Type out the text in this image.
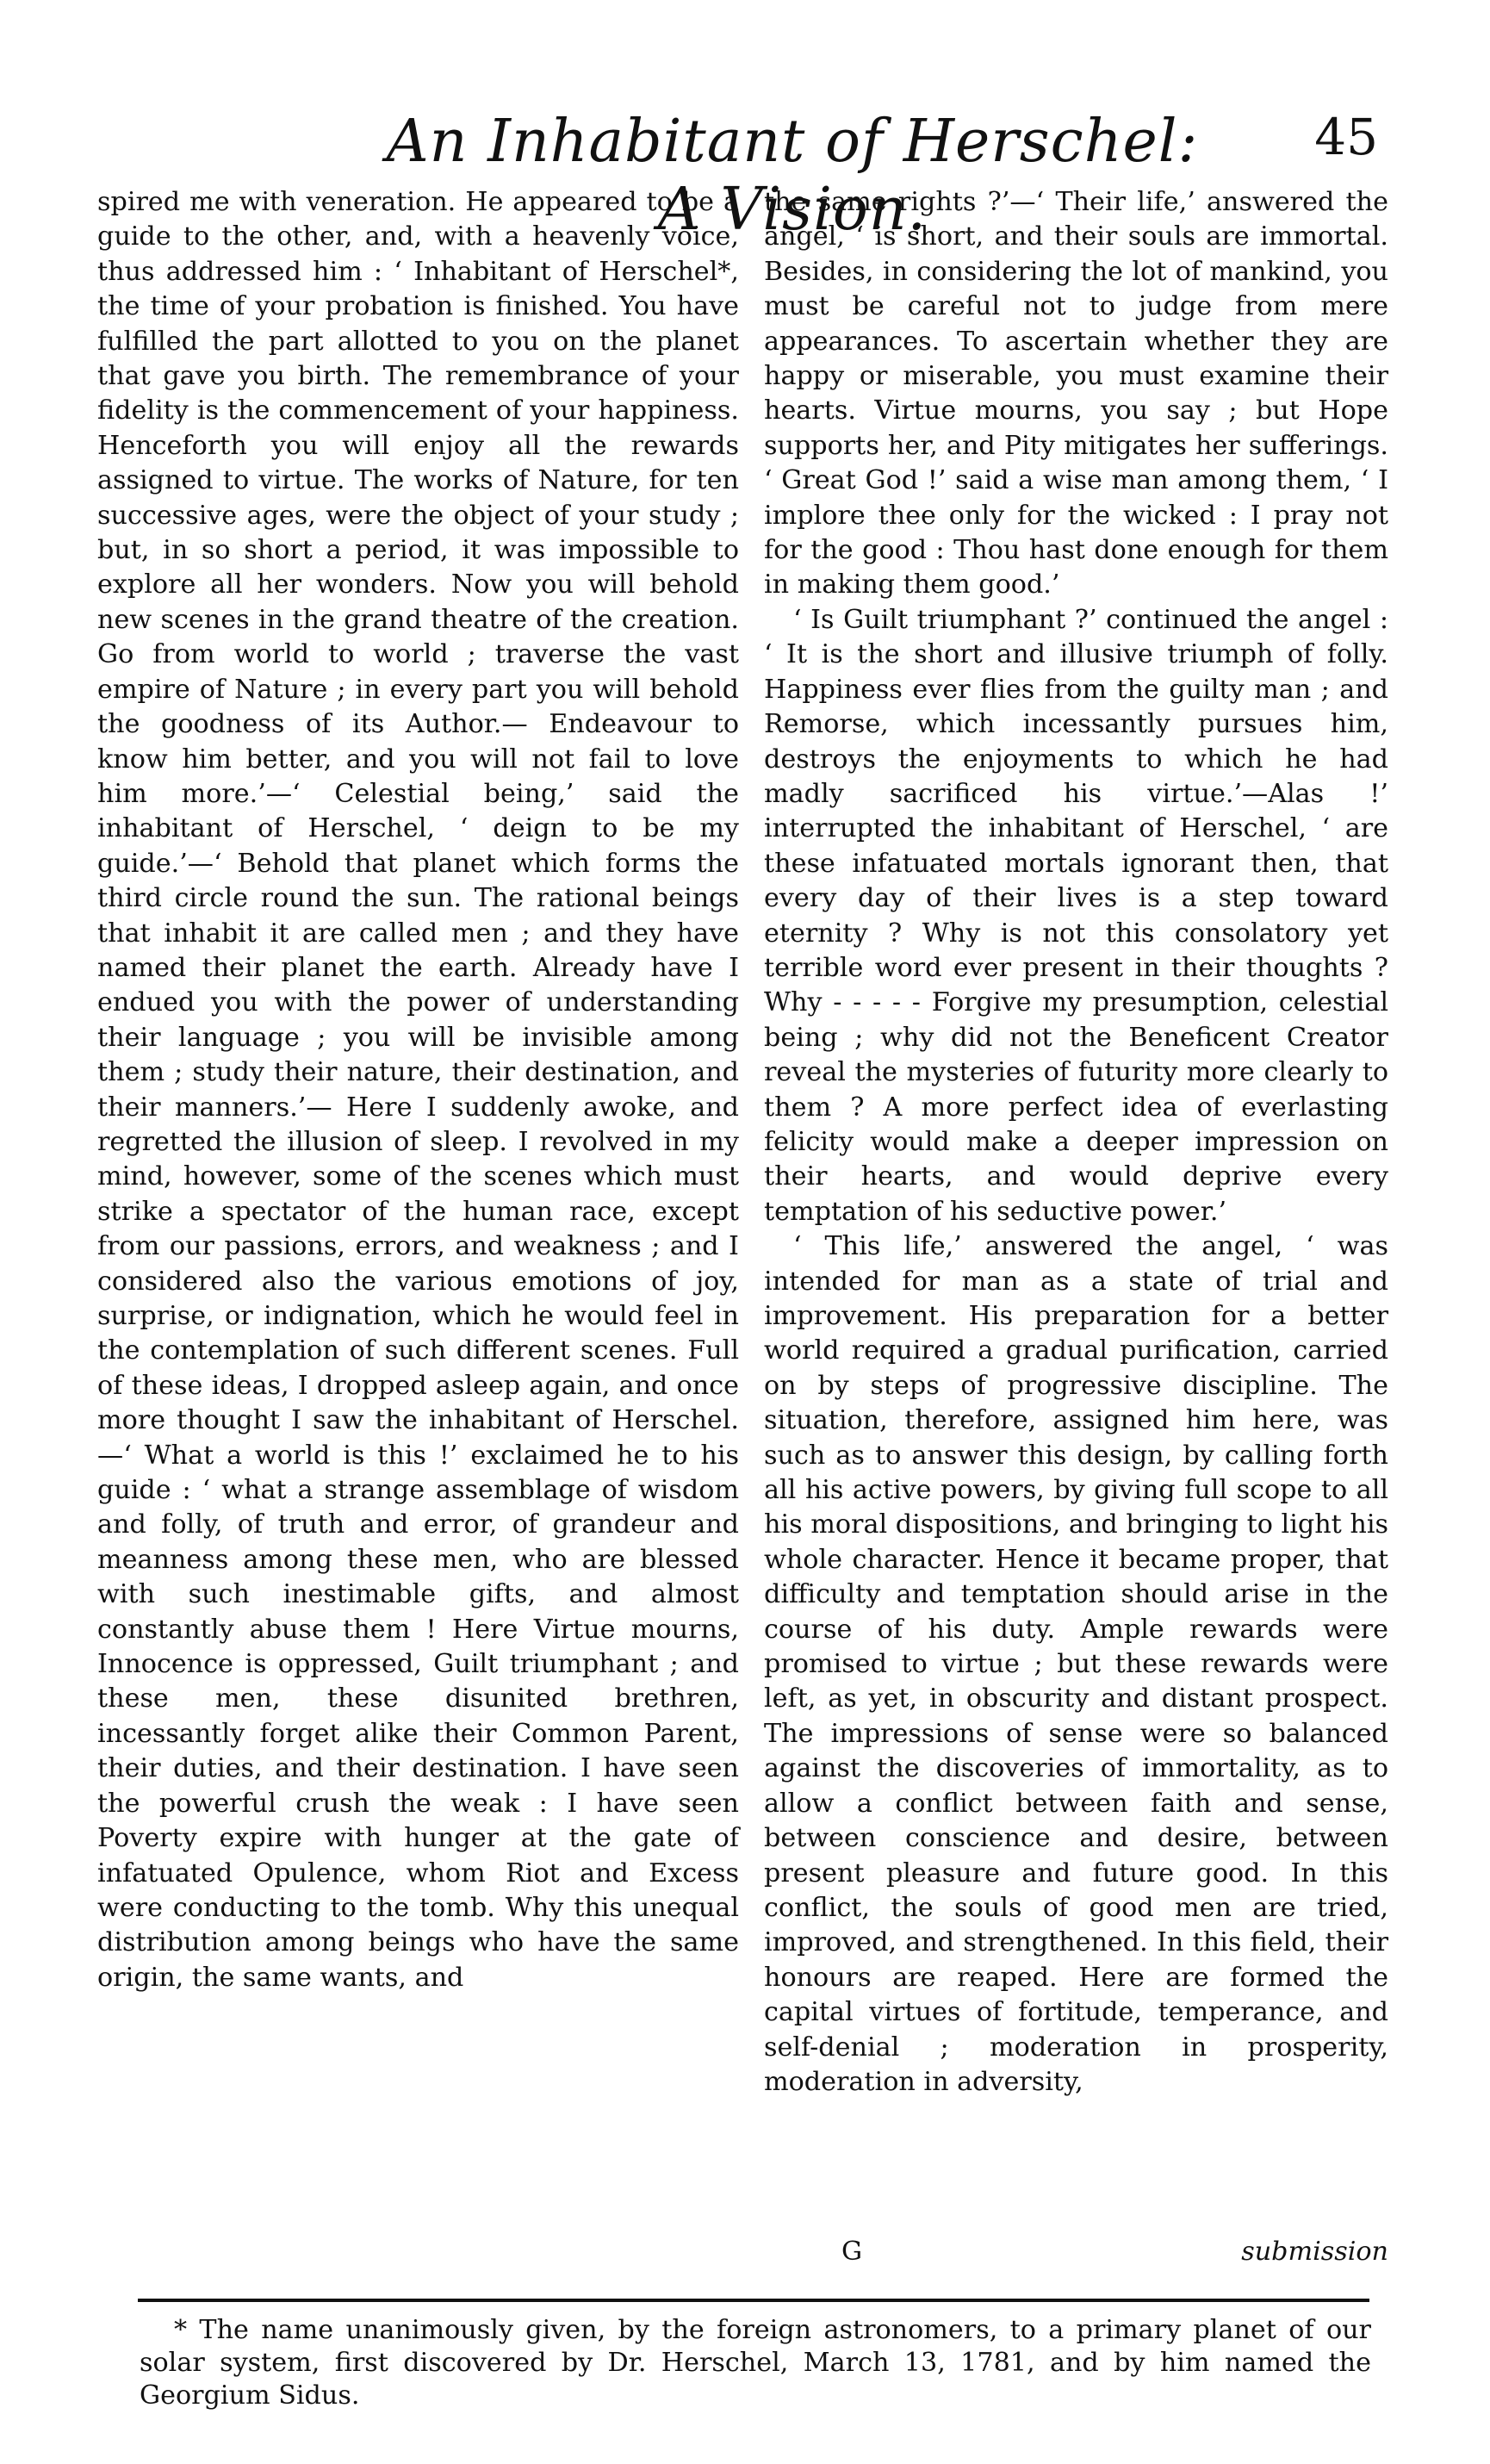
An Inhabitant of Herschel: A Vision.
45

spired me with veneration. He appeared to be a guide to the other, and, with a heavenly voice, thus addressed him : ‘ Inhabitant of Herschel*, the time of your probation is finished. You have fulfilled the part allotted to you on the planet that gave you birth. The remembrance of your fidelity is the commencement of your happiness. Henceforth you will enjoy all the rewards assigned to virtue. The works of Nature, for ten successive ages, were the object of your study ; but, in so short a period, it was impossible to explore all her wonders. Now you will behold new scenes in the grand theatre of the creation. Go from world to world ; traverse the vast empire of Nature ; in every part you will behold the goodness of its Author.— Endeavour to know him better, and you will not fail to love him more.’—‘ Celestial being,’ said the inhabitant of Herschel, ‘ deign to be my guide.’—‘ Behold that planet which forms the third circle round the sun. The rational beings that inhabit it are called men ; and they have named their planet the earth. Already have I endued you with the power of understanding their language ; you will be invisible among them ; study their nature, their destination, and their manners.’— Here I suddenly awoke, and regretted the illusion of sleep. I revolved in my mind, however, some of the scenes which must strike a spectator of the human race, except from our passions, errors, and weakness ; and I considered also the various emotions of joy, surprise, or indignation, which he would feel in the contemplation of such different scenes. Full of these ideas, I dropped asleep again, and once more thought I saw the inhabitant of Herschel. —‘ What a world is this !’ exclaimed he to his guide : ‘ what a strange assemblage of wisdom and folly, of truth and error, of grandeur and meanness among these men, who are blessed with such inestimable gifts, and almost constantly abuse them ! Here Virtue mourns, Innocence is oppressed, Guilt triumphant ; and these men, these disunited brethren, incessantly forget alike their Common Parent, their duties, and their destination. I have seen the powerful crush the weak : I have seen Poverty expire with hunger at the gate of infatuated Opulence, whom Riot and Excess were conducting to the tomb. Why this unequal distribution among beings who have the same origin, the same wants, and

the same rights ?’—‘ Their life,’ answered the angel, ‘ is short, and their souls are immortal. Besides, in considering the lot of mankind, you must be careful not to judge from mere appearances. To ascertain whether they are happy or miserable, you must examine their hearts. Virtue mourns, you say ; but Hope supports her, and Pity mitigates her sufferings. ‘ Great God !’ said a wise man among them, ‘ I implore thee only for the wicked : I pray not for the good : Thou hast done enough for them in making them good.’

‘ Is Guilt triumphant ?’ continued the angel : ‘ It is the short and illusive triumph of folly. Happiness ever flies from the guilty man ; and Remorse, which incessantly pursues him, destroys the enjoyments to which he had madly sacrificed his virtue.’—Alas !’ interrupted the inhabitant of Herschel, ‘ are these infatuated mortals ignorant then, that every day of their lives is a step toward eternity ? Why is not this consolatory yet terrible word ever present in their thoughts ? Why - - - - - Forgive my presumption, celestial being ; why did not the Beneficent Creator reveal the mysteries of futurity more clearly to them ? A more perfect idea of everlasting felicity would make a deeper impression on their hearts, and would deprive every temptation of his seductive power.’

‘ This life,’ answered the angel, ‘ was intended for man as a state of trial and improvement. His preparation for a better world required a gradual purification, carried on by steps of progressive discipline. The situation, therefore, assigned him here, was such as to answer this design, by calling forth all his active powers, by giving full scope to all his moral dispositions, and bringing to light his whole character. Hence it became proper, that difficulty and temptation should arise in the course of his duty. Ample rewards were promised to virtue ; but these rewards were left, as yet, in obscurity and distant prospect. The impressions of sense were so balanced against the discoveries of immortality, as to allow a conflict between faith and sense, between conscience and desire, between present pleasure and future good. In this conflict, the souls of good men are tried, improved, and strengthened. In this field, their honours are reaped. Here are formed the capital virtues of fortitude, temperance, and self-denial ; moderation in prosperity, moderation in adversity,

G	submission
* The name unanimously given, by the foreign astronomers, to a primary planet of our solar system, first discovered by Dr. Herschel, March 13, 1781, and by him named the Georgium Sidus.
